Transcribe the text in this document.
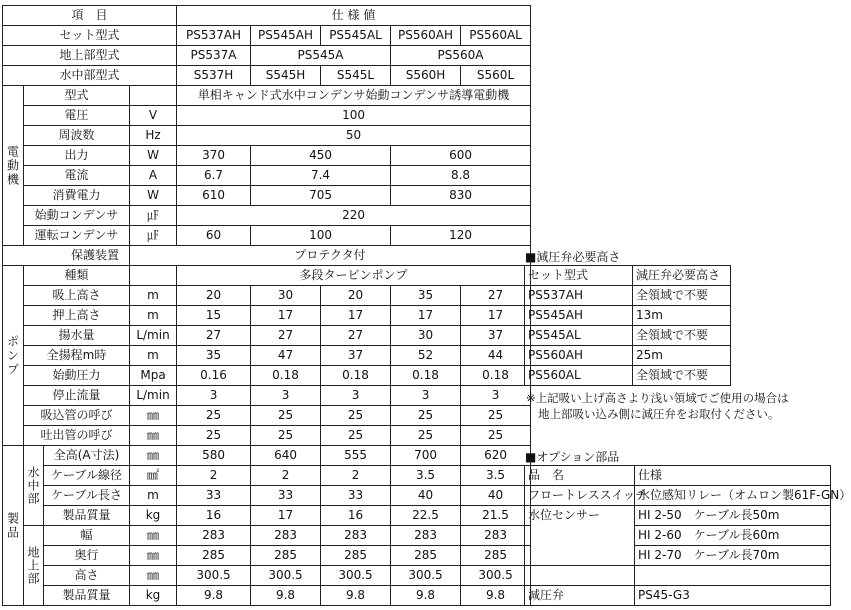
項　目				仕 様 値				
セット型式				PS537AH	PS545AH	PS545AL	PS560AH	PS560AL
地上部型式				PS537A	PS545A		PS560A	
水中部型式				S537H	S545H	S545L	S560H	S560L
電動機	型式			単相キャンド式水中コンデンサ始動コンデンサ誘導電動機				
	電圧		V	100				
	周波数		Hz	50				
	出力		W	370	450		600	
	電流		A	6.7	7.4		8.8	
	消費電力		W	610	705		830	
	始動コンデンサ		㎌	220				
	運転コンデンサ		㎌	60	100		120	
保護装置			プロテクタ付					
ポンプ	種類			多段タービンポンプ				
	吸上高さ		m	20	30	20	35	27
	押上高さ		m	15	17	17	17	17
	揚水量		L/min	27	27	27	30	37
	全揚程m時		m	35	47	37	52	44
	始動圧力		Mpa	0.16	0.18	0.18	0.18	0.18
	停止流量		L/min	3	3	3	3	3
	吸込管の呼び		㎜	25	25	25	25	25
	吐出管の呼び		㎜	25	25	25	25	25
製品	水中部	全高(A寸法)	㎜	580	640	555	700	620
		ケーブル線径	㎟	2	2	2	3.5	3.5
		ケーブル長さ	m	33	33	33	40	40
		製品質量	kg	16	17	16	22.5	21.5
	地上部	幅	㎜	283	283	283	283	283
		奥行	㎜	285	285	285	285	285
		高さ	㎜	300.5	300.5	300.5	300.5	300.5
		製品質量	kg	9.8	9.8	9.8	9.8	9.8
■減圧弁必要高さ
セット型式	減圧弁必要高さ
PS537AH	全領域で不要
PS545AH	13m
PS545AL	全領域で不要
PS560AH	25m
PS560AL	全領域で不要
※上記吸い上げ高さより浅い領域でご使用の場合は
地上部吸い込み側に減圧弁をお取付ください。
■オプション部品
品　名	仕様
フロートレススイッチ	水位感知リレー（オムロン製61F-GN）
水位センサー	HI 2-50　ケーブル長50m
	HI 2-60　ケーブル長60m
	HI 2-70　ケーブル長70m

減圧弁	PS45-G3
